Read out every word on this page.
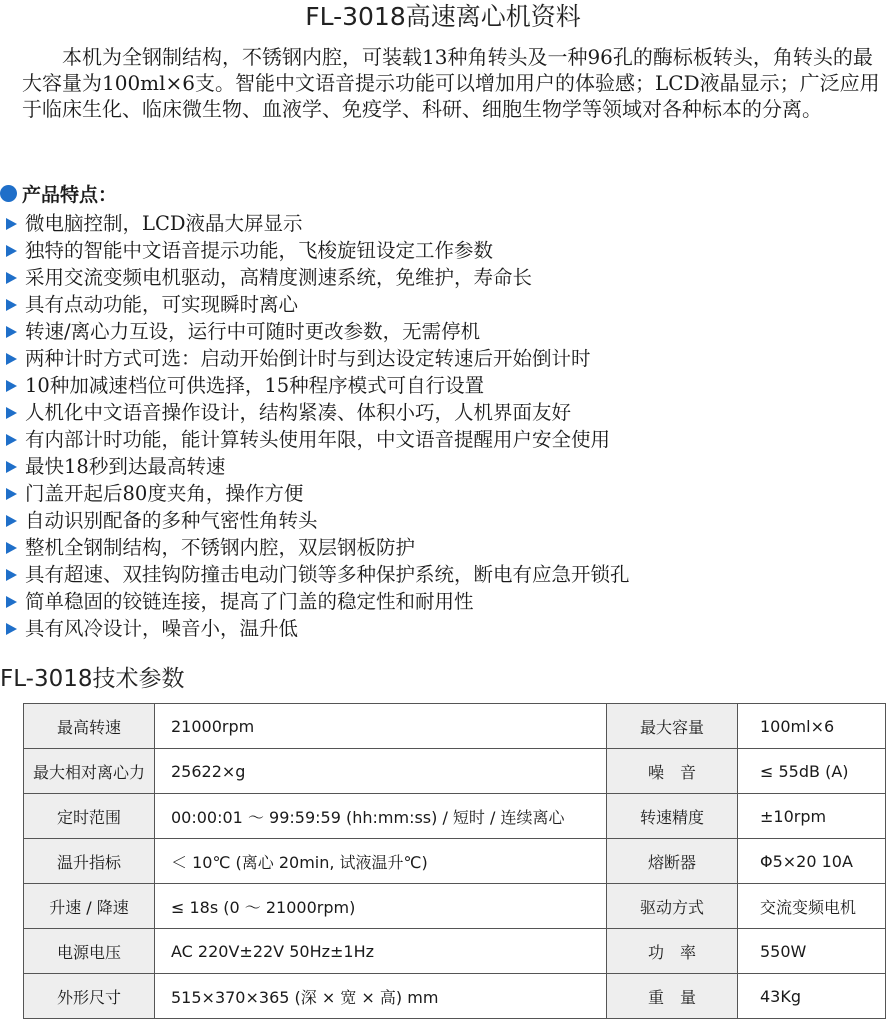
FL-3018高速离心机资料

本机为全钢制结构，不锈钢内腔，可装载13种角转头及一种96孔的酶标板转头，角转头的最大容量为100ml×6支。智能中文语音提示功能可以增加用户的体验感；LCD液晶显示；广泛应用于临床生化、临床微生物、血液学、免疫学、科研、细胞生物学等领域对各种标本的分离。

产品特点：
微电脑控制，LCD液晶大屏显示
独特的智能中文语音提示功能，飞梭旋钮设定工作参数
采用交流变频电机驱动，高精度测速系统，免维护，寿命长
具有点动功能，可实现瞬时离心
转速/离心力互设，运行中可随时更改参数，无需停机
两种计时方式可选：启动开始倒计时与到达设定转速后开始倒计时
10种加减速档位可供选择，15种程序模式可自行设置
人机化中文语音操作设计，结构紧凑、体积小巧，人机界面友好
有内部计时功能，能计算转头使用年限，中文语音提醒用户安全使用
最快18秒到达最高转速
门盖开起后80度夹角，操作方便
自动识别配备的多种气密性角转头
整机全钢制结构，不锈钢内腔，双层钢板防护
具有超速、双挂钩防撞击电动门锁等多种保护系统，断电有应急开锁孔
简单稳固的铰链连接，提高了门盖的稳定性和耐用性
具有风冷设计，噪音小，温升低
FL-3018技术参数
最高转速	21000rpm	最大容量	100ml×6
最大相对离心力	25622×g	噪　音	≤ 55dB (A)
定时范围	00:00:01 ～ 99:59:59 (hh:mm:ss) / 短时 / 连续离心	转速精度	±10rpm
温升指标	＜ 10℃ (离心 20min, 试液温升℃)	熔断器	Φ5×20 10A
升速 / 降速	≤ 18s (0 ～ 21000rpm)	驱动方式	交流变频电机
电源电压	AC 220V±22V 50Hz±1Hz	功　率	550W
外形尺寸	515×370×365 (深 × 宽 × 高) mm	重　量	43Kg
